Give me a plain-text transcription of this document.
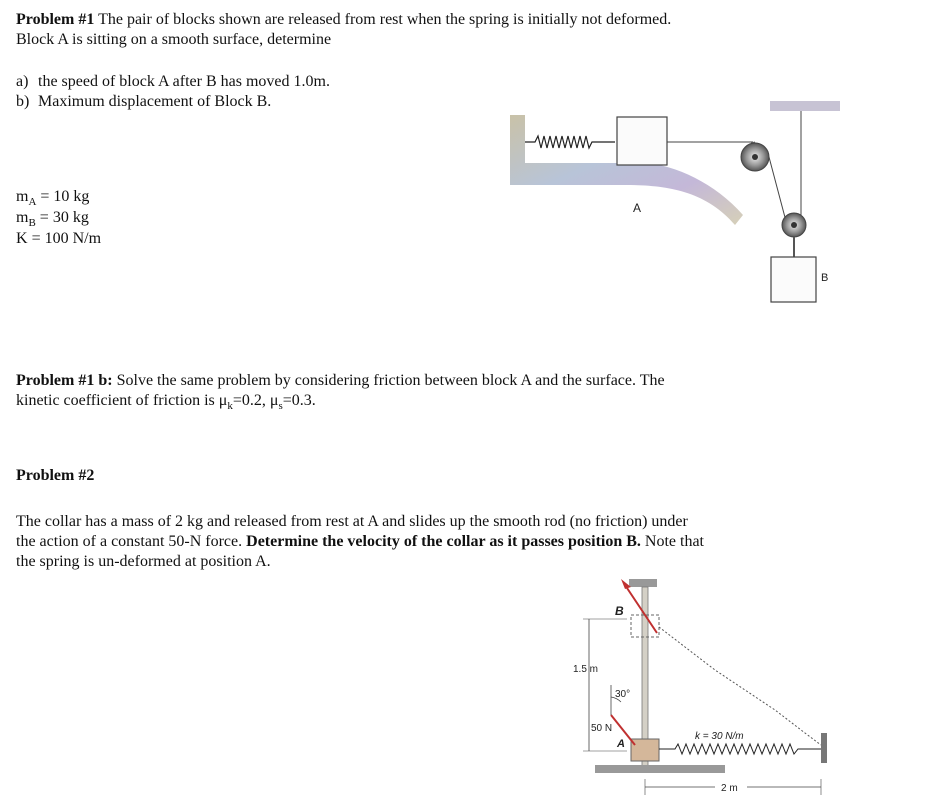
Problem #1 The pair of blocks shown are released from rest when the spring is initially not deformed.

Block A is sitting on a smooth surface, determine

a) the speed of block A after B has moved 1.0m.
b) Maximum displacement of Block B.
$m_A = 10$ kg
$m_B = 30$ kg
K = 100 N/m
A
B

Problem #1 b: Solve the same problem by considering friction between block A and the surface. The

kinetic coefficient of friction is $\mu_k=0.2$, $\mu_s=0.3$.

Problem #2

The collar has a mass of 2 kg and released from rest at A and slides up the smooth rod (no friction) under

the action of a constant 50-N force. Determine the velocity of the collar as it passes position B. Note that

the spring is un-deformed at position A.

B
A
1.5 m
30°
50 N
k = 30 N/m
2 m
